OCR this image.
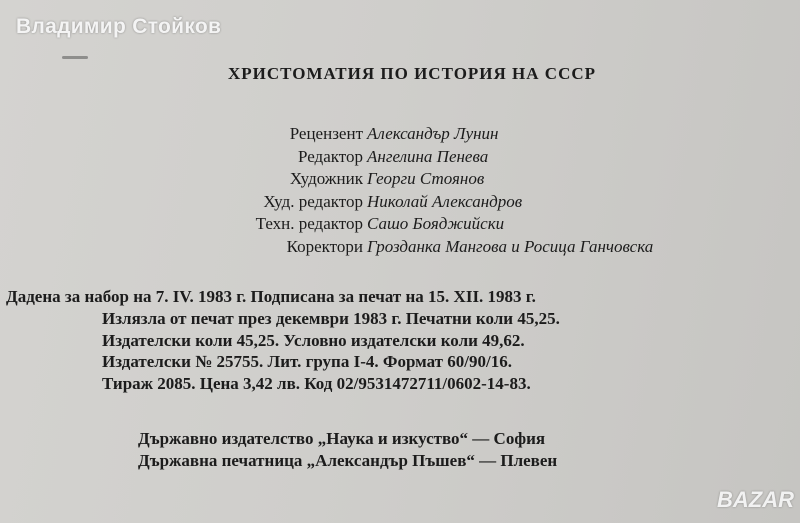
Владимир Стойков
ХРИСТОМАТИЯ ПО ИСТОРИЯ НА СССР
Рецензент Александър Лунин
Редактор Ангелина Пенева
Художник Георги Стоянов
Худ. редактор Николай Александров
Техн. редактор Сашо Бояджийски
Коректори Грозданка Мангова и Росица Ганчовска
Дадена за набор на 7. IV. 1983 г. Подписана за печат на 15. XII. 1983 г.
Излязла от печат през декември 1983 г. Печатни коли 45,25.
Издателски коли 45,25. Условно издателски коли 49,62.
Издателски № 25755. Лит. група I-4. Формат 60/90/16.
Тираж 2085. Цена 3,42 лв. Код 02/9531472711/0602-14-83.
Държавно издателство „Наука и изкуство“ — София
Държавна печатница „Александър Пъшев“ — Плевен
BAZAR
